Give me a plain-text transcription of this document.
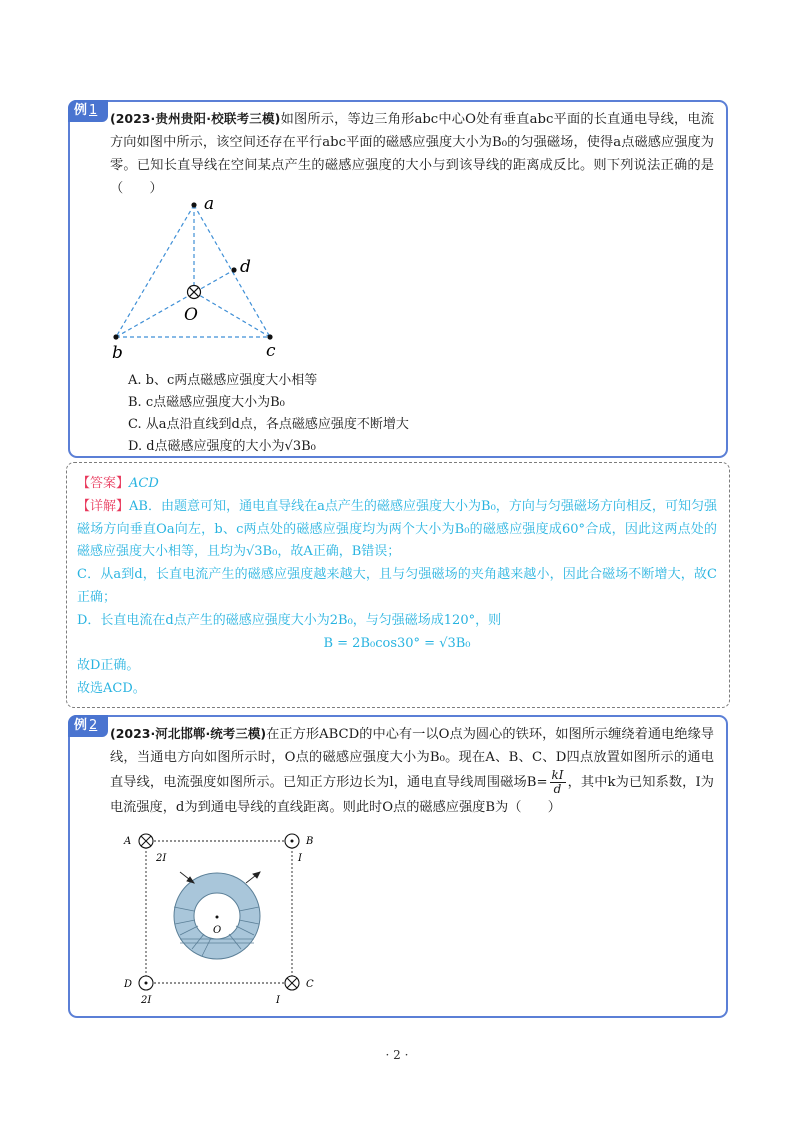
例 1
(2023·贵州贵阳·校联考三模)如图所示，等边三角形abc中心O处有垂直abc平面的长直通电导线，电流方向如图中所示，该空间还存在平行abc平面的磁感应强度大小为B₀的匀强磁场，使得a点磁感应强度为零。已知长直导线在空间某点产生的磁感应强度的大小与到该导线的距离成反比。则下列说法正确的是（　　）
a
d
O
b	c
A. b、c两点磁感应强度大小相等
B. c点磁感应强度大小为B₀
C. 从a点沿直线到d点，各点磁感应强度不断增大
D. d点磁感应强度的大小为√3B₀
【答案】ACD
【详解】AB．由题意可知，通电直导线在a点产生的磁感应强度大小为B₀，方向与匀强磁场方向相反，可知匀强磁场方向垂直Oa向左，b、c两点处的磁感应强度均为两个大小为B₀的磁感应强度成60°合成，因此这两点处的磁感应强度大小相等，且均为√3B₀，故A正确，B错误；
C．从a到d，长直电流产生的磁感应强度越来越大，且与匀强磁场的夹角越来越小，因此合磁场不断增大，故C正确；
D．长直电流在d点产生的磁感应强度大小为2B₀，与匀强磁场成120°，则
B = 2B₀cos30° = √3B₀
故D正确。
故选ACD。
例 2
(2023·河北邯郸·统考三模)在正方形ABCD的中心有一以O点为圆心的铁环，如图所示缠绕着通电绝缘导线，当通电方向如图所示时，O点的磁感应强度大小为B₀。现在A、B、C、D四点放置如图所示的通电直导线，电流强度如图所示。已知正方形边长为l，通电直导线周围磁场$B= \frac{kI}{d}$ ，其中k为已知系数，I为电流强度，d为到通电导线的直线距离。则此时O点的磁感应强度B为（　　）
O
A	B
C
D
2I	I
I
2I
· 2 ·
